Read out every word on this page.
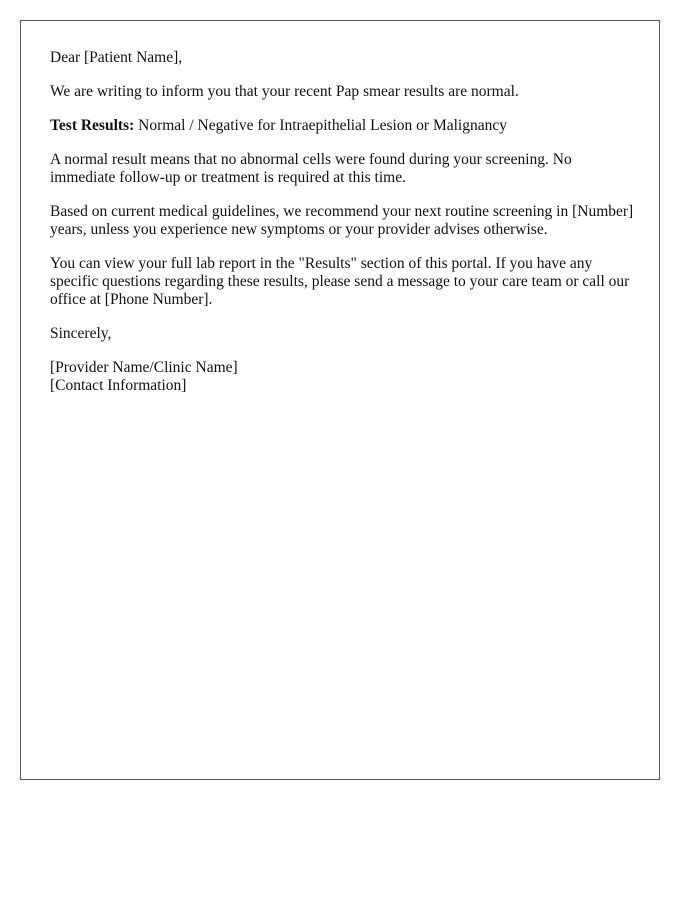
Dear [Patient Name],

We are writing to inform you that your recent Pap smear results are normal.

Test Results: Normal / Negative for Intraepithelial Lesion or Malignancy

A normal result means that no abnormal cells were found during your screening. No immediate follow-up or treatment is required at this time.

Based on current medical guidelines, we recommend your next routine screening in [Number] years, unless you experience new symptoms or your provider advises otherwise.

You can view your full lab report in the "Results" section of this portal. If you have any specific questions regarding these results, please send a message to your care team or call our office at [Phone Number].

Sincerely,

[Provider Name/Clinic Name]
[Contact Information]
